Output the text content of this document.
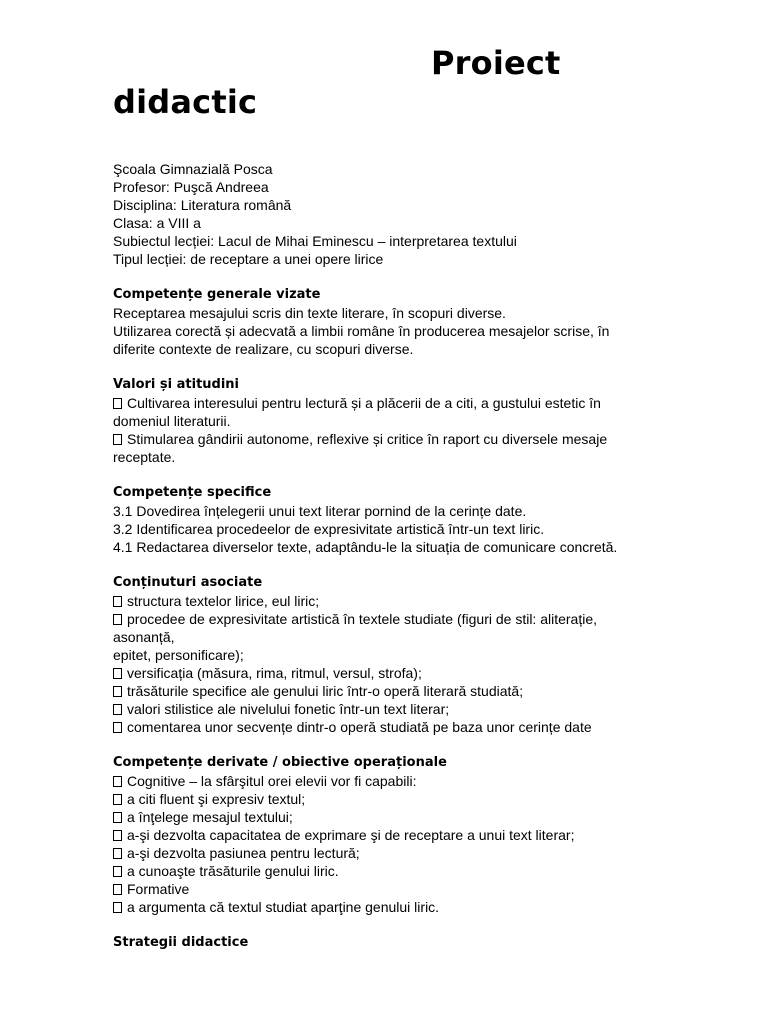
Proiect
didactic
Şcoala Gimnazială Posca
Profesor: Puşcă Andreea
Disciplina: Literatura română
Clasa: a VIII a
Subiectul lecției: Lacul de Mihai Eminescu – interpretarea textului
Tipul lecției: de receptare a unei opere lirice
Competențe generale vizate
Receptarea mesajului scris din texte literare, în scopuri diverse.
Utilizarea corectă și adecvată a limbii române în producerea mesajelor scrise, în diferite contexte de realizare, cu scopuri diverse.
Valori și atitudini
Cultivarea interesului pentru lectură și a plăcerii de a citi, a gustului estetic în domeniul literaturii.
Stimularea gândirii autonome, reflexive și critice în raport cu diversele mesaje receptate.
Competențe specifice
3.1 Dovedirea înțelegerii unui text literar pornind de la cerințe date.
3.2 Identificarea procedeelor de expresivitate artistică într-un text liric.
4.1 Redactarea diverselor texte, adaptându-le la situația de comunicare concretă.
Conținuturi asociate
structura textelor lirice, eul liric;
procedee de expresivitate artistică în textele studiate (figuri de stil: aliterație, asonanță,
epitet, personificare);
versificația (măsura, rima, ritmul, versul, strofa);
trăsăturile specifice ale genului liric într-o operă literară studiată;
valori stilistice ale nivelului fonetic într-un text literar;
comentarea unor secvențe dintr-o operă studiată pe baza unor cerințe date
Competențe derivate / obiective operaționale
Cognitive – la sfârşitul orei elevii vor fi capabili:
a citi fluent şi expresiv textul;
a înţelege mesajul textului;
a-şi dezvolta capacitatea de exprimare şi de receptare a unui text literar;
a-şi dezvolta pasiunea pentru lectură;
a cunoaşte trăsăturile genului liric.
Formative
a argumenta că textul studiat aparţine genului liric.
Strategii didactice
